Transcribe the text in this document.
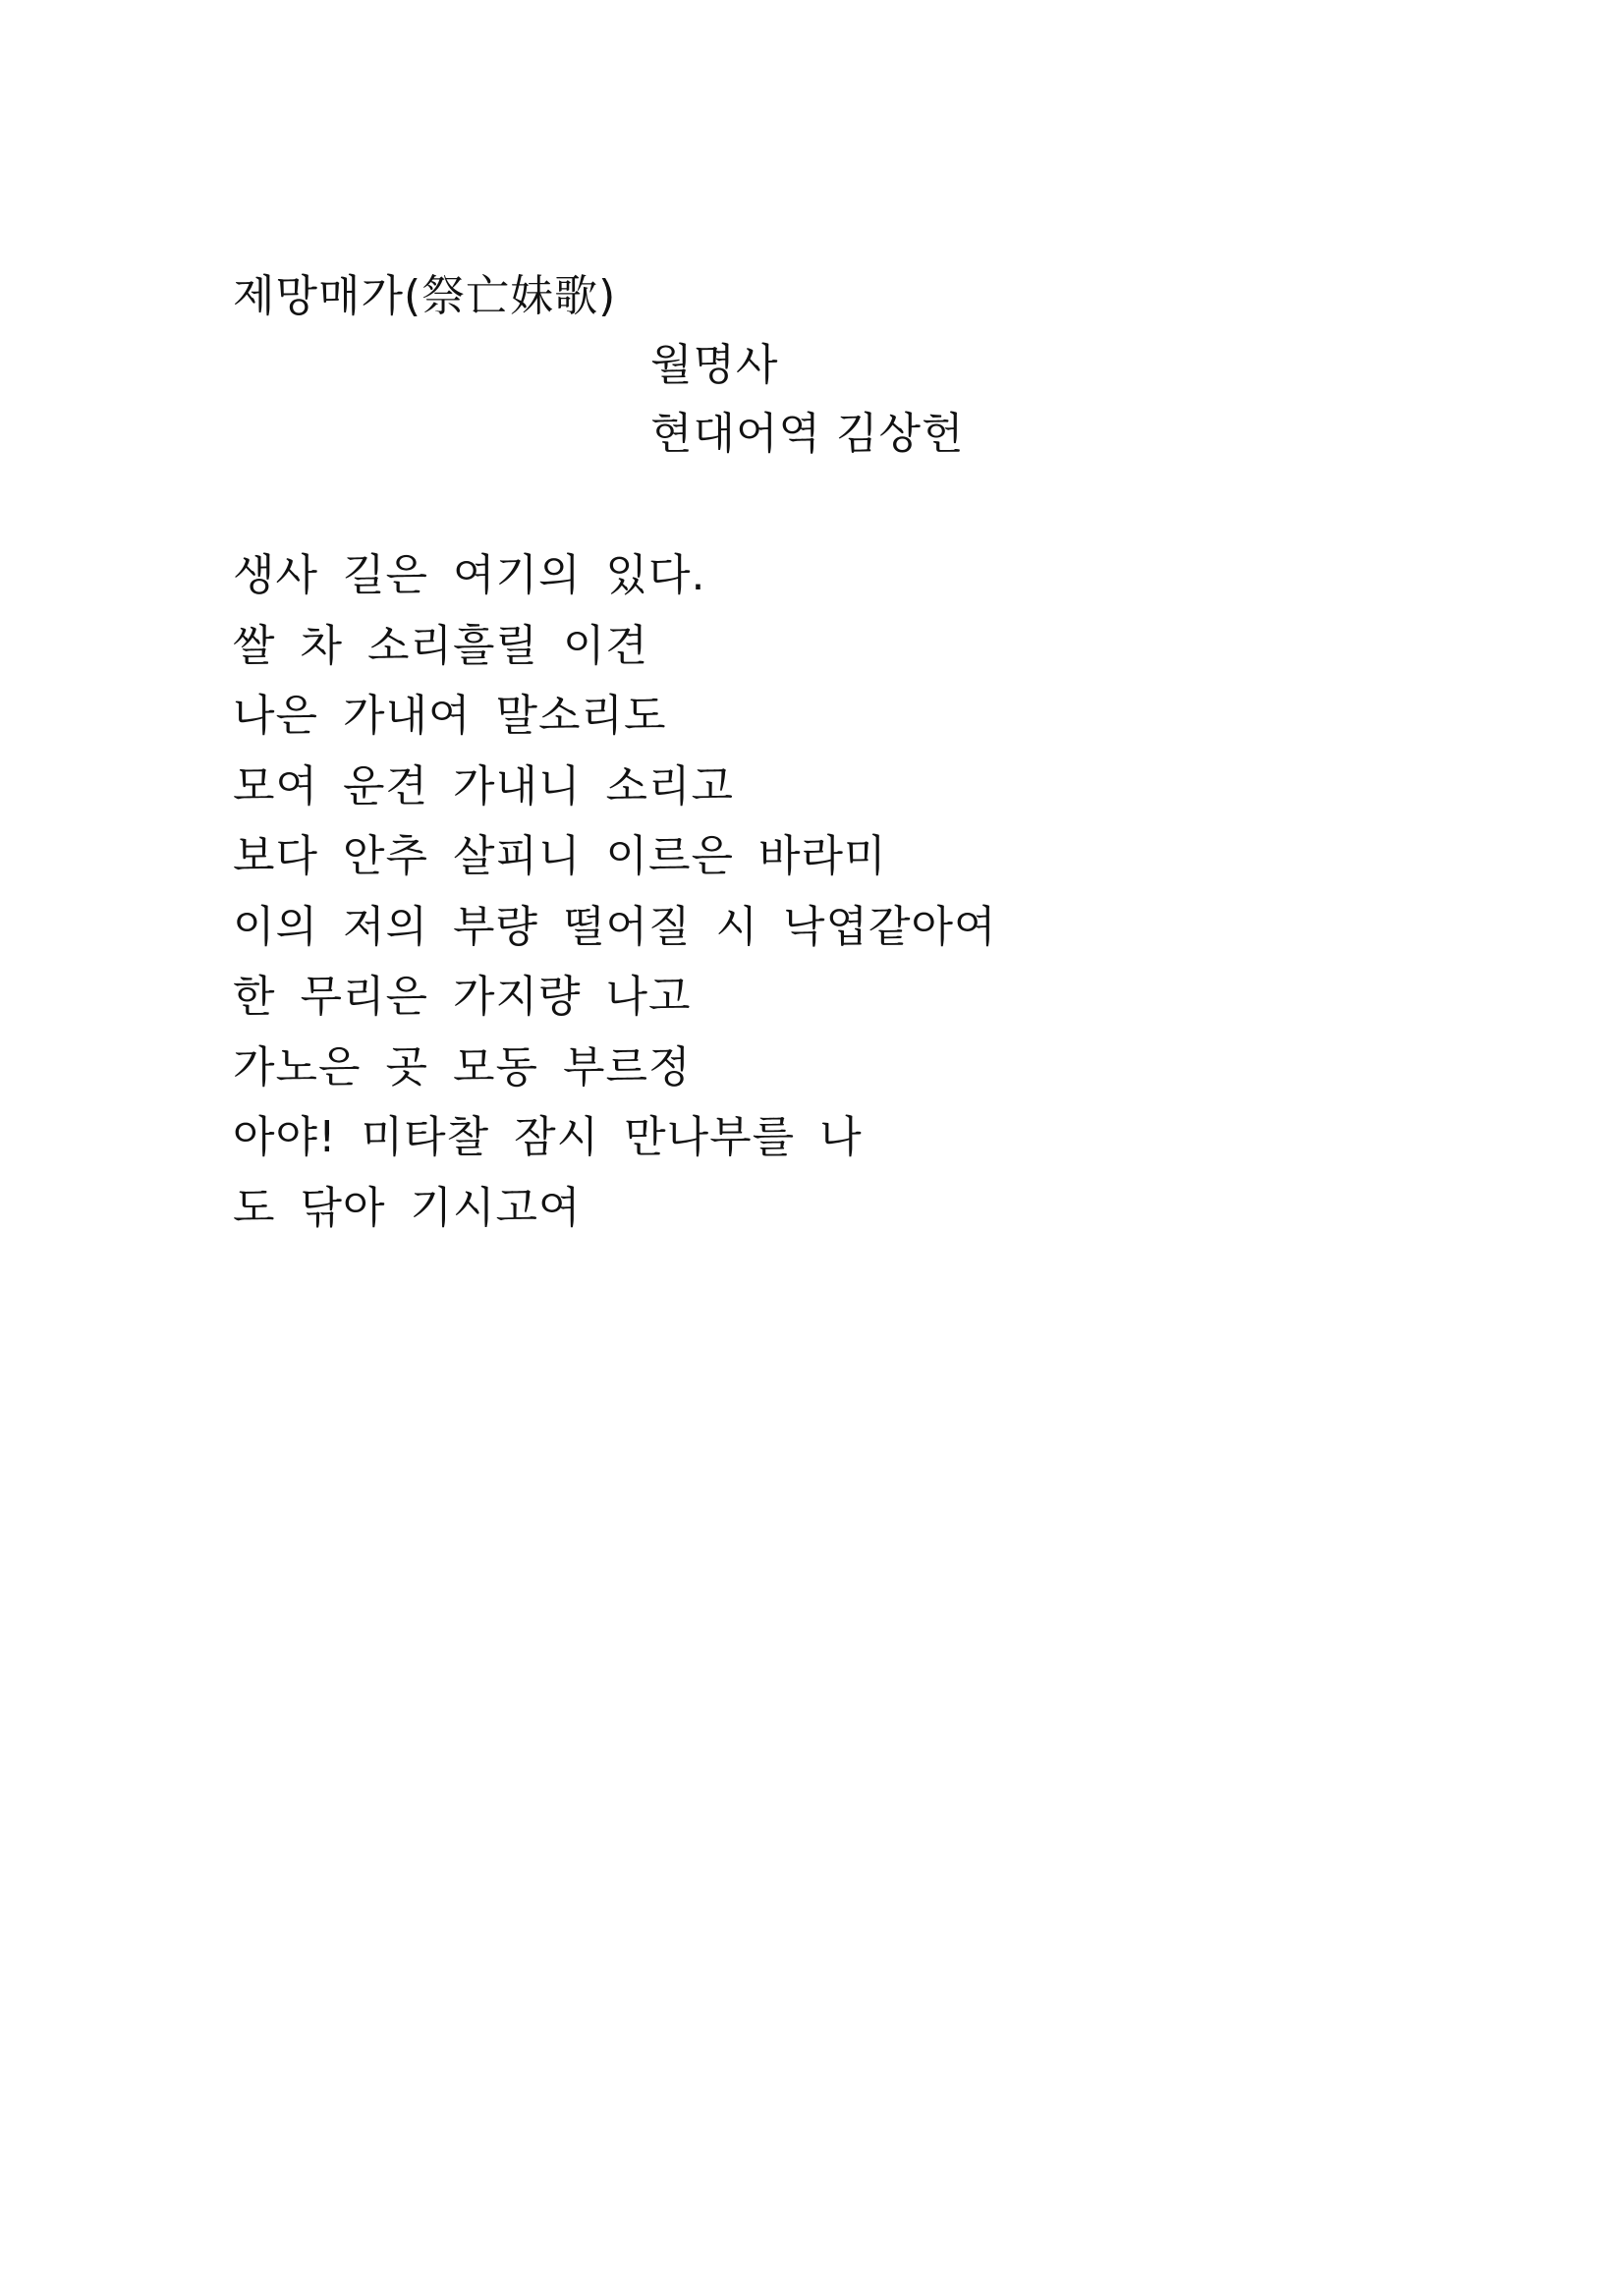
제망매가(祭亡妹歌)
월명사
현대어역 김상헌
생사 길은 여기의 있다.
쌀 차 소리흘릴 이견
나은 가내여 말소리도
모여 운견 가내니 소리고
보다 안추 살피니 이르은 바라미
이의 저의 부량 떨어질 시 낙엽같아여
한 무리은 가지량 나고
가노은 곳 모동 부르정
아야! 미타찰 잠시 만나부를 나
도 닦아 기시고여
